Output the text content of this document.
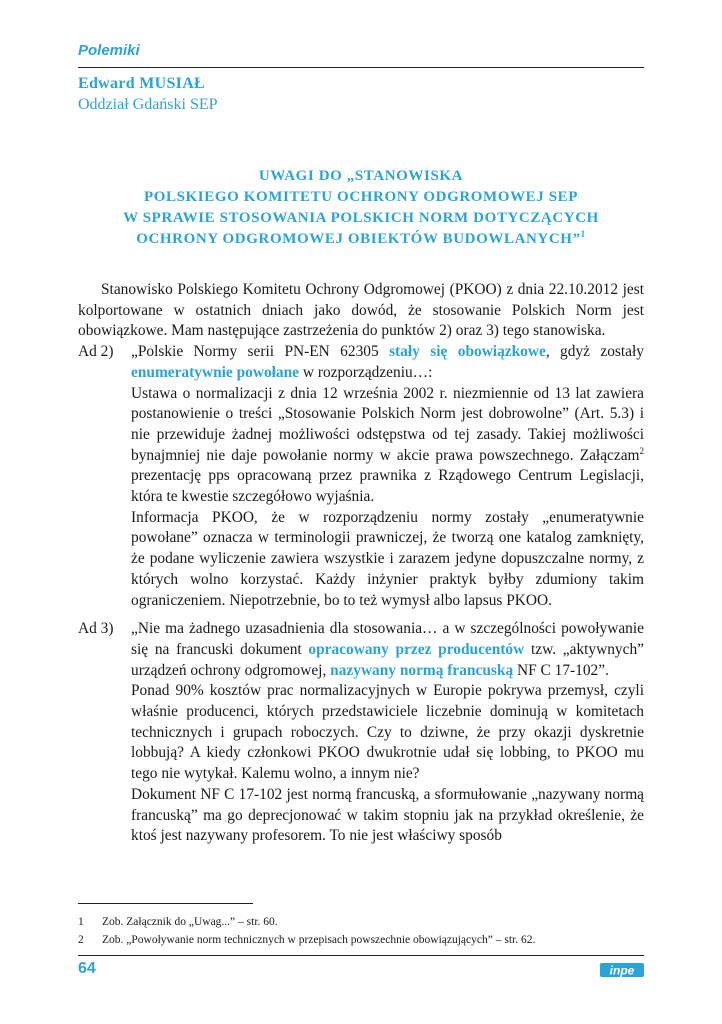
Polemiki
Edward MUSIAŁ
Oddział Gdański SEP
UWAGI DO „STANOWISKA
POLSKIEGO KOMITETU OCHRONY ODGROMOWEJ SEP
W SPRAWIE STOSOWANIA POLSKICH NORM DOTYCZĄCYCH
OCHRONY ODGROMOWEJ OBIEKTÓW BUDOWLANYCH”$^1$

Stanowisko Polskiego Komitetu Ochrony Odgromowej (PKOO) z dnia 22.10.2012 jest kolportowane w ostatnich dniach jako dowód, że stosowanie Polskich Norm jest obowiązkowe. Mam następujące zastrzeżenia do punktów 2) oraz 3) tego stanowiska.

Ad 2)	„Polskie Normy serii PN-EN 62305 stały się obowiązkowe, gdyż zostały enumeratywnie powołane w rozporządzeniu…:

Ustawa o normalizacji z dnia 12 września 2002 r. niezmiennie od 13 lat zawiera postanowienie o treści „Stosowanie Polskich Norm jest dobrowolne” (Art. 5.3) i nie przewiduje żadnej możliwości odstępstwa od tej zasady. Takiej możliwości bynajmniej nie daje powołanie normy w akcie prawa powszechnego. Załączam$^2$ prezentację pps opracowaną przez prawnika z Rządowego Centrum Legislacji, która te kwestie szczegółowo wyjaśnia.

Informacja PKOO, że w rozporządzeniu normy zostały „enumeratywnie powołane” oznacza w terminologii prawniczej, że tworzą one katalog zamknięty, że podane wyliczenie zawiera wszystkie i zarazem jedyne dopuszczalne normy, z których wolno korzystać. Każdy inżynier praktyk byłby zdumiony takim ograniczeniem. Niepotrzebnie, bo to też wymysł albo lapsus PKOO.

Ad 3)	„Nie ma żadnego uzasadnienia dla stosowania… a w szczególności powoływanie się na francuski dokument opracowany przez producentów tzw. „aktywnych” urządzeń ochrony odgromowej, nazywany normą francuską NF C 17-102”.

Ponad 90% kosztów prac normalizacyjnych w Europie pokrywa przemysł, czyli właśnie producenci, których przedstawiciele liczebnie dominują w komitetach technicznych i grupach roboczych. Czy to dziwne, że przy okazji dyskretnie lobbują? A kiedy członkowi PKOO dwukrotnie udał się lobbing, to PKOO mu tego nie wytykał. Kalemu wolno, a innym nie?

Dokument NF C 17-102 jest normą francuską, a sformułowanie „nazywany normą francuską” ma go deprecjonować w takim stopniu jak na przykład określenie, że ktoś jest nazywany profesorem. To nie jest właściwy sposób

1	Zob. Załącznik do „Uwag...” – str. 60.
2	Zob. „Powoływanie norm technicznych w przepisach powszechnie obowiązujących” – str. 62.
64	inpe
